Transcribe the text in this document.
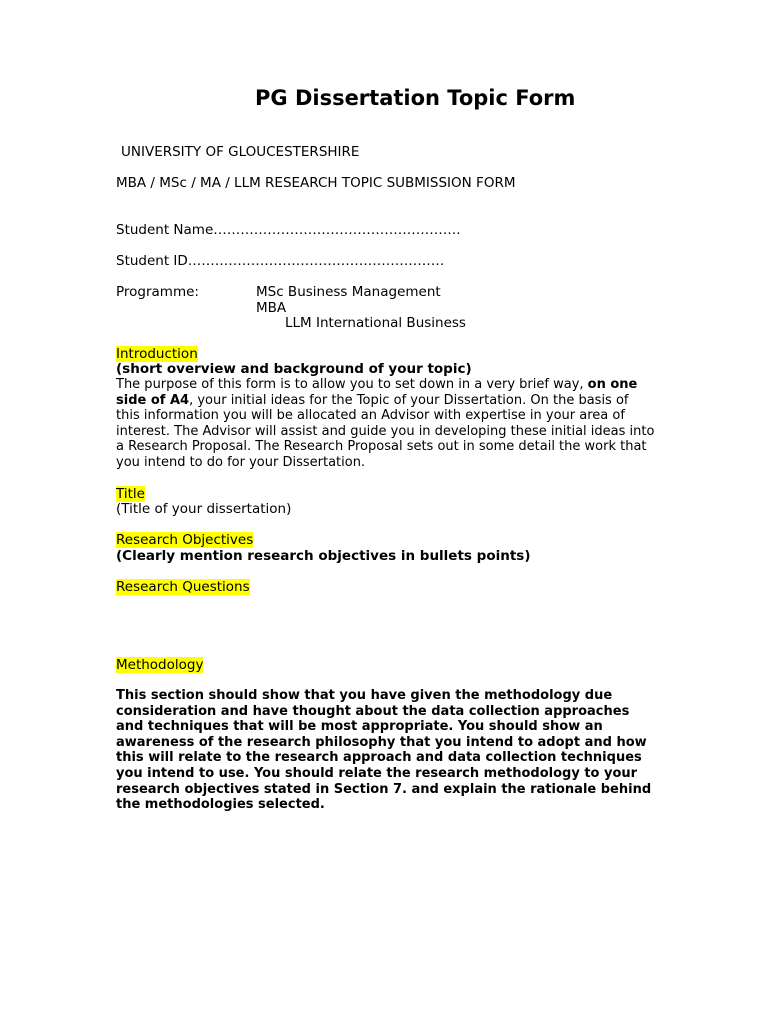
PG Dissertation Topic Form
UNIVERSITY OF GLOUCESTERSHIRE
MBA / MSc / MA / LLM RESEARCH TOPIC SUBMISSION FORM
Student Name……………………………………………….
Student ID…………………………………………………
Programme:	MSc Business Management
MBA
LLM International Business
Introduction
(short overview and background of your topic)
The purpose of this form is to allow you to set down in a very brief way, on one side of A4, your initial ideas for the Topic of your Dissertation. On the basis of this information you will be allocated an Advisor with expertise in your area of interest. The Advisor will assist and guide you in developing these initial ideas into a Research Proposal. The Research Proposal sets out in some detail the work that you intend to do for your Dissertation.
Title
(Title of your dissertation)
Research Objectives
(Clearly mention research objectives in bullets points)
Research Questions
Methodology
This section should show that you have given the methodology due consideration and have thought about the data collection approaches and techniques that will be most appropriate. You should show an awareness of the research philosophy that you intend to adopt and how this will relate to the research approach and data collection techniques you intend to use. You should relate the research methodology to your research objectives stated in Section 7. and explain the rationale behind the methodologies selected.
